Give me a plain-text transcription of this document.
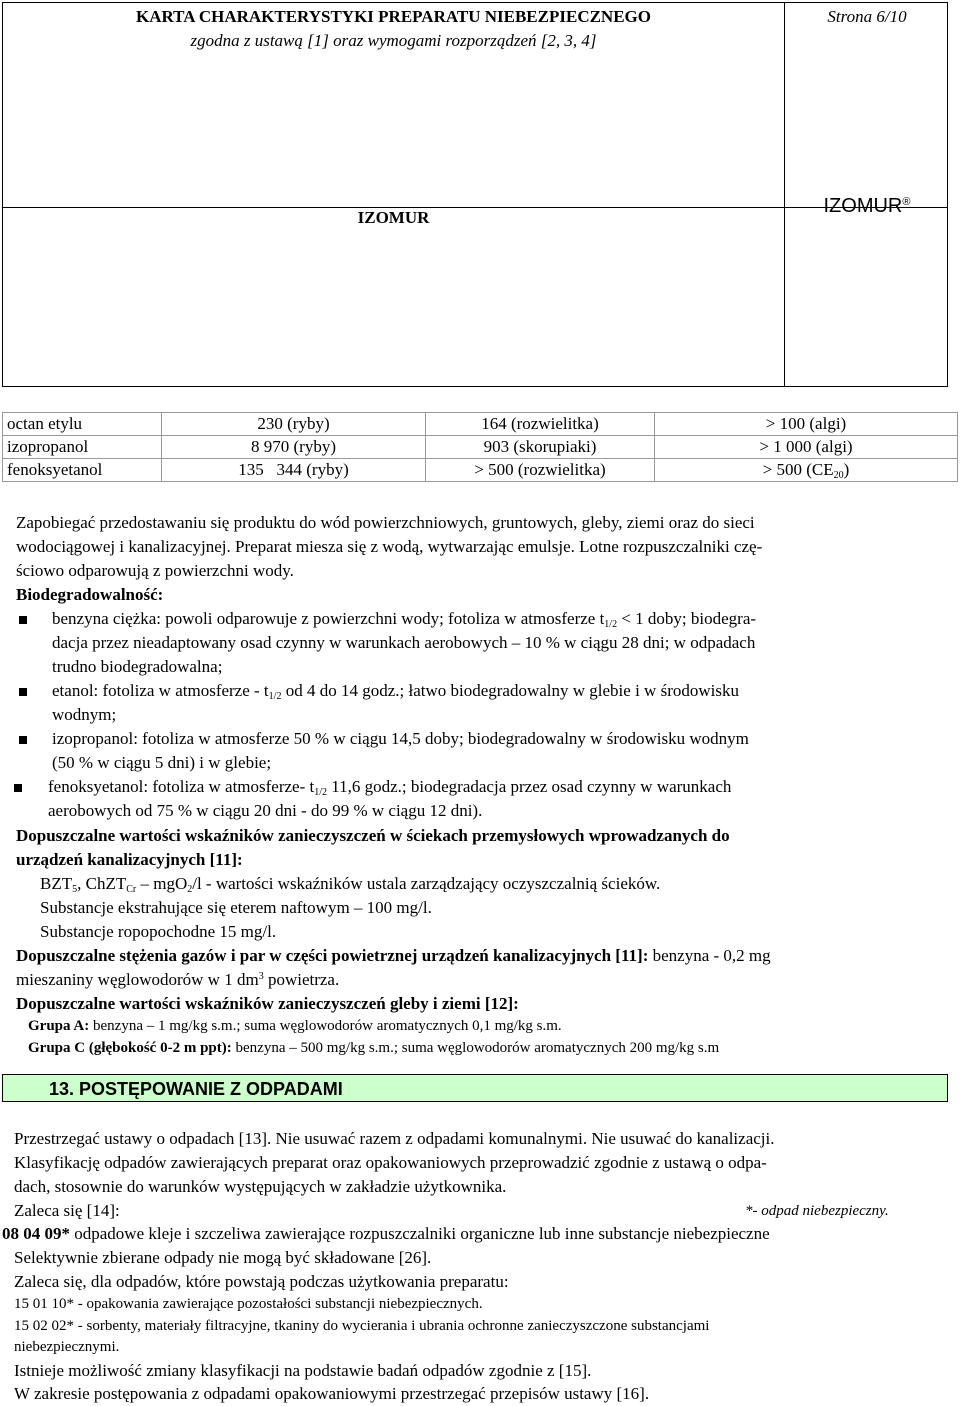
KARTA CHARAKTERYSTYKI PREPARATU NIEBEZPIECZNEGO
zgodna z ustawą [1] oraz wymogami rozporządzeń [2, 3, 4]
Strona 6/10
IZOMUR
IZOMUR®
octan etylu	230 (ryby)	164 (rozwielitka)	> 100 (algi)
izopropanol	8 970 (ryby)	903 (skorupiaki)	> 1 000 (algi)
fenoksyetanol	135   344 (ryby)	> 500 (rozwielitka)	> 500 $(CE_{20})$
Zapobiegać przedostawaniu się produktu do wód powierzchniowych, gruntowych, gleby, ziemi oraz do sieci
wodociągowej i kanalizacyjnej. Preparat miesza się z wodą, wytwarzając emulsje. Lotne rozpuszczalniki czę-
ściowo odparowują z powierzchni wody.
Biodegradowalność:
benzyna ciężka: powoli odparowuje z powierzchni wody; fotoliza w atmosferze $t_{1/2} < 1$ doby; biodegra-
dacja przez nieadaptowany osad czynny w warunkach aerobowych – 10 % w ciągu 28 dni; w odpadach
trudno biodegradowalna;
etanol: fotoliza w atmosferze - $t_{1/2}$ od 4 do 14 godz.; łatwo biodegradowalny w glebie i w środowisku
wodnym;
izopropanol: fotoliza w atmosferze 50 % w ciągu 14,5 doby; biodegradowalny w środowisku wodnym
(50 % w ciągu 5 dni) i w glebie;
fenoksyetanol: fotoliza w atmosferze- $t_{1/2}$ 11,6 godz.; biodegradacja przez osad czynny w warunkach
aerobowych od 75 % w ciągu 20 dni - do 99 % w ciągu 12 dni).
Dopuszczalne wartości wskaźników zanieczyszczeń w ściekach przemysłowych wprowadzanych do
urządzeń kanalizacyjnych [11]:
$BZT_5$, ChZT$_{Cr}$ – mgO$_2$/l - wartości wskaźników ustala zarządzający oczyszczalnią ścieków.
Substancje ekstrahujące się eterem naftowym – 100 mg/l.
Substancje ropopochodne 15 mg/l.
Dopuszczalne stężenia gazów i par w części powietrznej urządzeń kanalizacyjnych [11]: benzyna - 0,2 mg
mieszaniny węglowodorów w 1 $dm^3$ powietrza.
Dopuszczalne wartości wskaźników zanieczyszczeń gleby i ziemi [12]:
Grupa A: benzyna – 1 mg/kg s.m.; suma węglowodorów aromatycznych 0,1 mg/kg s.m.
Grupa C (głębokość 0-2 m ppt): benzyna – 500 mg/kg s.m.; suma węglowodorów aromatycznych 200 mg/kg s.m
13. POSTĘPOWANIE Z ODPADAMI
Przestrzegać ustawy o odpadach [13]. Nie usuwać razem z odpadami komunalnymi. Nie usuwać do kanalizacji.
Klasyfikację odpadów zawierających preparat oraz opakowaniowych przeprowadzić zgodnie z ustawą o odpa-
dach, stosownie do warunków występujących w zakładzie użytkownika.
Zaleca się [14]:	*- odpad niebezpieczny.
08 04 09* odpadowe kleje i szczeliwa zawierające rozpuszczalniki organiczne lub inne substancje niebezpieczne
Selektywnie zbierane odpady nie mogą być składowane [26].
Zaleca się, dla odpadów, które powstają podczas użytkowania preparatu:
15 01 10* - opakowania zawierające pozostałości substancji niebezpiecznych.
15 02 02* - sorbenty, materiały filtracyjne, tkaniny do wycierania i ubrania ochronne zanieczyszczone substancjami
niebezpiecznymi.
Istnieje możliwość zmiany klasyfikacji na podstawie badań odpadów zgodnie z [15].
W zakresie postępowania z odpadami opakowaniowymi przestrzegać przepisów ustawy [16].
